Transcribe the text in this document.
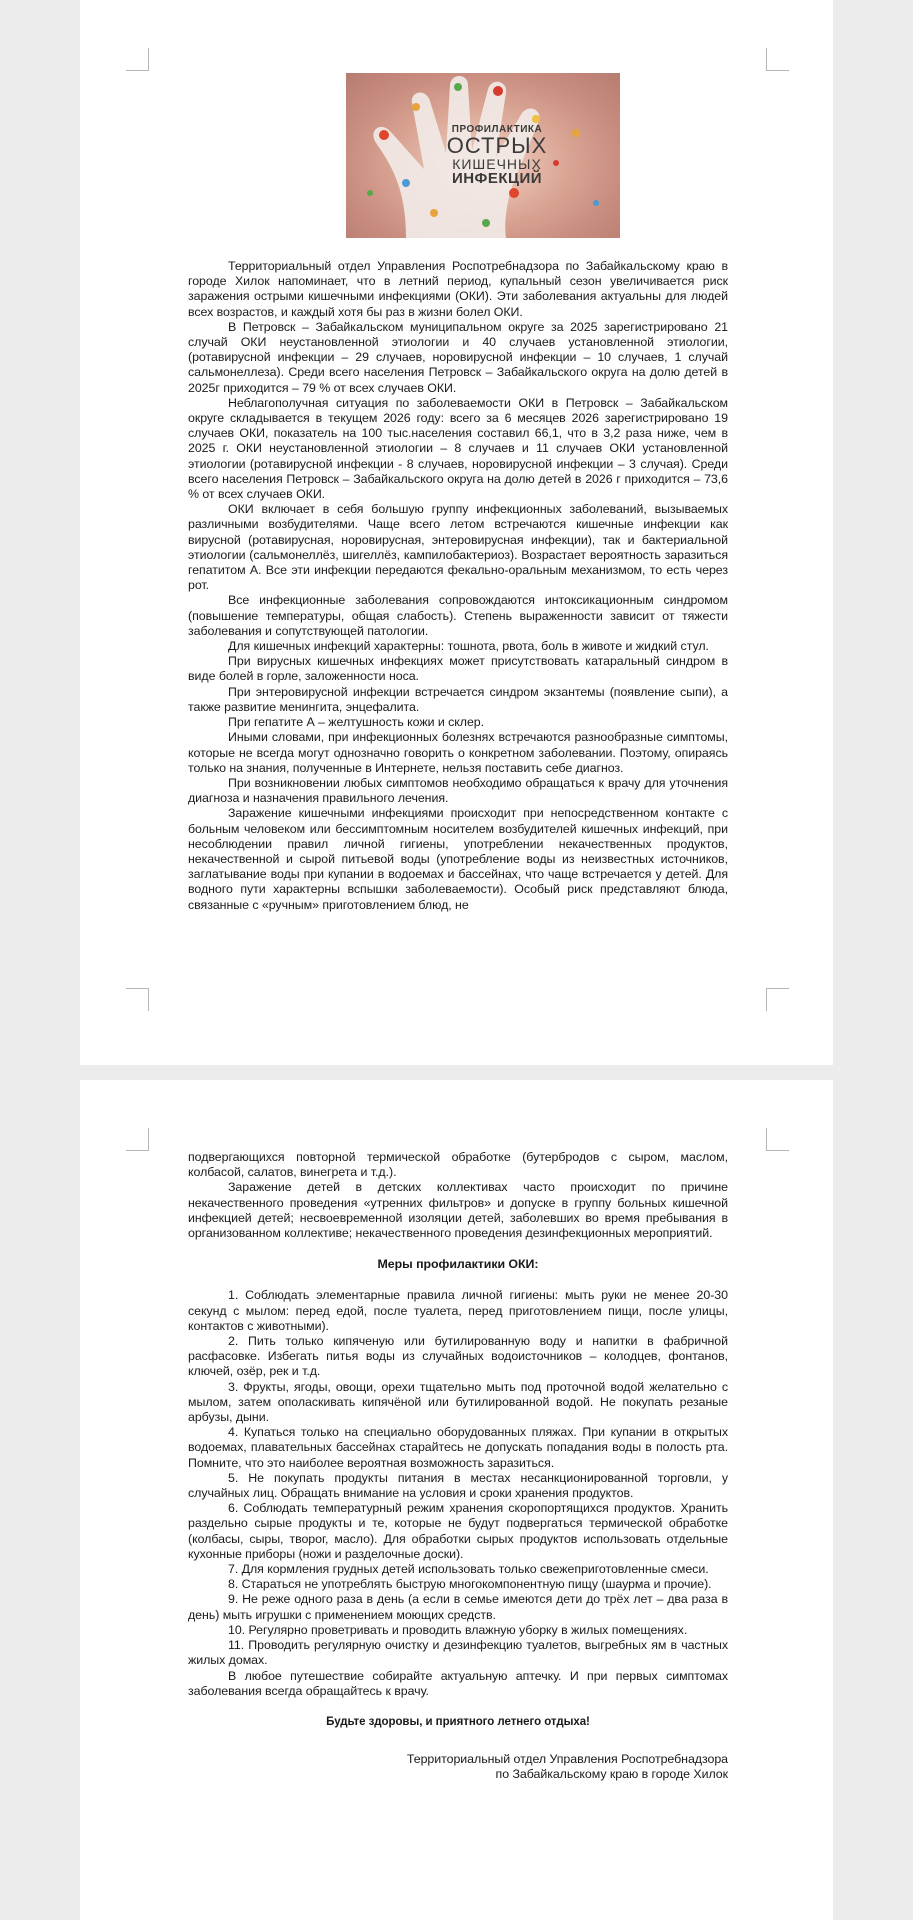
ПРОФИЛАКТИКА
ОСТРЫХ
КИШЕЧНЫХ
ИНФЕКЦИЙ

Территориальный отдел Управления Роспотребнадзора по Забайкальскому краю в городе Хилок напоминает, что в летний период, купальный сезон увеличивается риск заражения острыми кишечными инфекциями (ОКИ). Эти заболевания актуальны для людей всех возрастов, и каждый хотя бы раз в жизни болел ОКИ.

В Петровск – Забайкальском муниципальном округе за 2025 зарегистрировано 21 случай ОКИ неустановленной этиологии и 40 случаев установленной этиологии, (ротавирусной инфекции – 29 случаев, норовирусной инфекции – 10 случаев, 1 случай сальмонеллеза). Среди всего населения Петровск – Забайкальского округа на долю детей в 2025г приходится – 79 % от всех случаев ОКИ.

Неблагополучная ситуация по заболеваемости ОКИ в Петровск – Забайкальском округе складывается в текущем 2026 году: всего за 6 месяцев 2026 зарегистрировано 19 случаев ОКИ, показатель на 100 тыс.населения составил 66,1, что в 3,2 раза ниже, чем в 2025 г. ОКИ неустановленной этиологии – 8 случаев и 11 случаев ОКИ установленной этиологии (ротавирусной инфекции - 8 случаев, норовирусной инфекции – 3 случая). Среди всего населения Петровск – Забайкальского округа на долю детей в 2026 г приходится – 73,6 % от всех случаев ОКИ.

ОКИ включает в себя большую группу инфекционных заболеваний, вызываемых различными возбудителями. Чаще всего летом встречаются кишечные инфекции как вирусной (ротавирусная, норовирусная, энтеровирусная инфекции), так и бактериальной этиологии (сальмонеллёз, шигеллёз, кампилобактериоз). Возрастает вероятность заразиться гепатитом А. Все эти инфекции передаются фекально-оральным механизмом, то есть через рот.

Все инфекционные заболевания сопровождаются интоксикационным синдромом (повышение температуры, общая слабость). Степень выраженности зависит от тяжести заболевания и сопутствующей патологии.

Для кишечных инфекций характерны: тошнота, рвота, боль в животе и жидкий стул.

При вирусных кишечных инфекциях может присутствовать катаральный синдром в виде болей в горле, заложенности носа.

При энтеровирусной инфекции встречается синдром экзантемы (появление сыпи), а также развитие менингита, энцефалита.

При гепатите А – желтушность кожи и склер.

Иными словами, при инфекционных болезнях встречаются разнообразные симптомы, которые не всегда могут однозначно говорить о конкретном заболевании. Поэтому, опираясь только на знания, полученные в Интернете, нельзя поставить себе диагноз.

При возникновении любых симптомов необходимо обращаться к врачу для уточнения диагноза и назначения правильного лечения.

Заражение кишечными инфекциями происходит при непосредственном контакте с больным человеком или бессимптомным носителем возбудителей кишечных инфекций, при несоблюдении правил личной гигиены, употреблении некачественных продуктов, некачественной и сырой питьевой воды (употребление воды из неизвестных источников, заглатывание воды при купании в водоемах и бассейнах, что чаще встречается у детей. Для водного пути характерны вспышки заболеваемости). Особый риск представляют блюда, связанные с «ручным» приготовлением блюд, не

подвергающихся повторной термической обработке (бутербродов с сыром, маслом, колбасой, салатов, винегрета и т.д.).

Заражение детей в детских коллективах часто происходит по причине некачественного проведения «утренних фильтров» и допуске в группу больных кишечной инфекцией детей; несвоевременной изоляции детей, заболевших во время пребывания в организованном коллективе; некачественного проведения дезинфекционных мероприятий.

Меры профилактики ОКИ:

1. Соблюдать элементарные правила личной гигиены: мыть руки не менее 20-30 секунд с мылом: перед едой, после туалета, перед приготовлением пищи, после улицы, контактов с животными).

2. Пить только кипяченую или бутилированную воду и напитки в фабричной расфасовке. Избегать питья воды из случайных водоисточников – колодцев, фонтанов, ключей, озёр, рек и т.д.

3. Фрукты, ягоды, овощи, орехи тщательно мыть под проточной водой желательно с мылом, затем ополаскивать кипячёной или бутилированной водой. Не покупать резаные арбузы, дыни.

4. Купаться только на специально оборудованных пляжах. При купании в открытых водоемах, плавательных бассейнах старайтесь не допускать попадания воды в полость рта. Помните, что это наиболее вероятная возможность заразиться.

5. Не покупать продукты питания в местах несанкционированной торговли, у случайных лиц. Обращать внимание на условия и сроки хранения продуктов.

6. Соблюдать температурный режим хранения скоропортящихся продуктов. Хранить раздельно сырые продукты и те, которые не будут подвергаться термической обработке (колбасы, сыры, творог, масло). Для обработки сырых продуктов использовать отдельные кухонные приборы (ножи и разделочные доски).

7. Для кормления грудных детей использовать только свежеприготовленные смеси.

8. Стараться не употреблять быструю многокомпонентную пищу (шаурма и прочие).

9. Не реже одного раза в день (а если в семье имеются дети до трёх лет – два раза в день) мыть игрушки с применением моющих средств.

10. Регулярно проветривать и проводить влажную уборку в жилых помещениях.

11. Проводить регулярную очистку и дезинфекцию туалетов, выгребных ям в частных жилых домах.

В любое путешествие собирайте актуальную аптечку. И при первых симптомах заболевания всегда обращайтесь к врачу.

Будьте здоровы, и приятного летнего отдыха!

Территориальный отдел Управления Роспотребнадзора

по Забайкальскому краю в городе Хилок
